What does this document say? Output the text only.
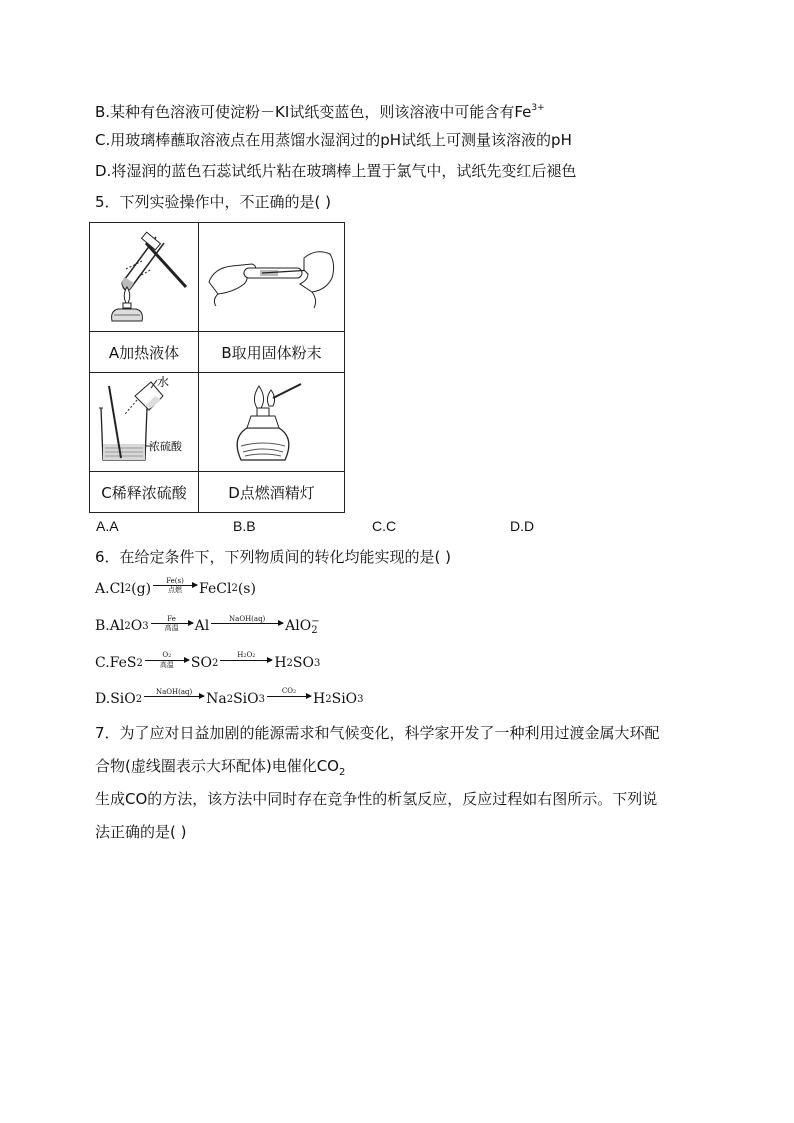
B.某种有色溶液可使淀粉－KI试纸变蓝色，则该溶液中可能含有$Fe^{3+}$
C.用玻璃棒蘸取溶液点在用蒸馏水湿润过的pH试纸上可测量该溶液的pH
D.将湿润的蓝色石蕊试纸片粘在玻璃棒上置于氯气中，试纸先变红后褪色
5．下列实验操作中，不正确的是( )

A加热液体	B取用固体粉末

水
浓硫酸

C稀释浓硫酸	D点燃酒精灯
A.A	B.B	C.C	D.D
6．在给定条件下，下列物质间的转化均能实现的是( )
A. Cl 2 (g) Fe(s)
点燃 FeCl 2 (s)
B. Al 2 O 3
Fe
高温 Al	NaOH(aq)
AlO −
2
C. FeS 2
O2
高温 SO 2
H2O2
H 2 SO 3
D. SiO 2
NaOH(aq)
Na 2 SiO 3
CO2
H 2 SiO 3
7．为了应对日益加剧的能源需求和气候变化，科学家开发了一种利用过渡金属大环配
合物(虚线圈表示大环配体)电催化$CO_2$
生成CO的方法，该方法中同时存在竞争性的析氢反应，反应过程如右图所示。下列说
法正确的是( )
